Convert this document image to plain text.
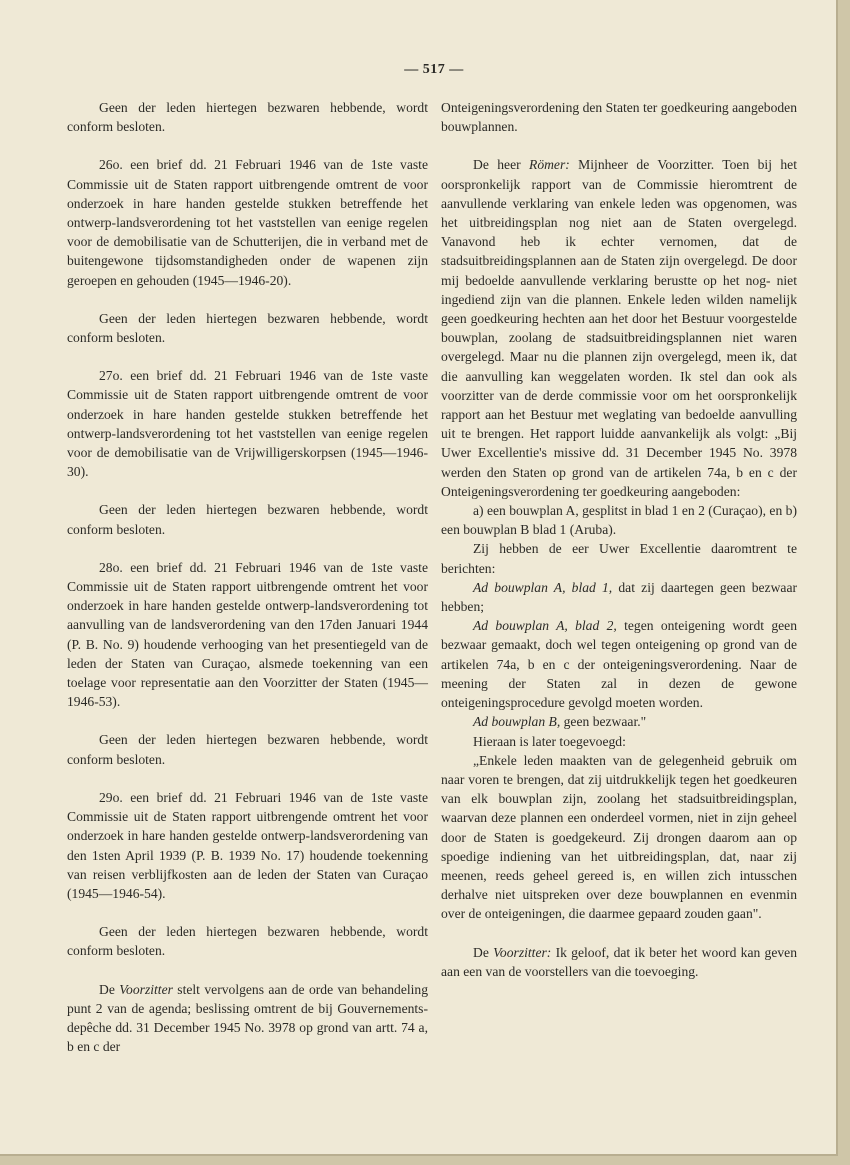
— 517 —

Geen der leden hiertegen bezwaren hebbende, wordt conform besloten.

26o. een brief dd. 21 Februari 1946 van de 1ste vaste Commissie uit de Staten rapport uitbrengende omtrent de voor onderzoek in hare handen gestelde stukken betreffende het ontwerp-landsverordening tot het vaststellen van eenige regelen voor de demobilisatie van de Schutterijen, die in verband met de buitengewone tijdsomstandigheden onder de wapenen zijn geroepen en gehouden (1945—1946-20).

Geen der leden hiertegen bezwaren hebbende, wordt conform besloten.

27o. een brief dd. 21 Februari 1946 van de 1ste vaste Commissie uit de Staten rapport uitbrengende omtrent de voor onderzoek in hare handen gestelde stukken betreffende het ontwerp-landsverordening tot het vaststellen van eenige regelen voor de demobilisatie van de Vrijwilligerskorpsen (1945—1946-30).

Geen der leden hiertegen bezwaren hebbende, wordt conform besloten.

28o. een brief dd. 21 Februari 1946 van de 1ste vaste Commissie uit de Staten rapport uitbrengende omtrent het voor onderzoek in hare handen gestelde ontwerp-landsverordening tot aanvulling van de landsverordening van den 17den Januari 1944 (P. B. No. 9) houdende verhooging van het presentiegeld van de leden der Staten van Curaçao, alsmede toekenning van een toelage voor representatie aan den Voorzitter der Staten (1945—1946-53).

Geen der leden hiertegen bezwaren hebbende, wordt conform besloten.

29o. een brief dd. 21 Februari 1946 van de 1ste vaste Commissie uit de Staten rapport uitbrengende omtrent het voor onderzoek in hare handen gestelde ontwerp-landsverordening van den 1sten April 1939 (P. B. 1939 No. 17) houdende toekenning van reisen verblijfkosten aan de leden der Staten van Curaçao (1945—1946-54).

Geen der leden hiertegen bezwaren hebbende, wordt conform besloten.

De Voorzitter stelt vervolgens aan de orde van behandeling punt 2 van de agenda; beslissing omtrent de bij Gouvernements-depêche dd. 31 December 1945 No. 3978 op grond van artt. 74 a, b en c der

Onteigeningsverordening den Staten ter goedkeuring aangeboden bouwplannen.

De heer Römer: Mijnheer de Voorzitter. Toen bij het oorspronkelijk rapport van de Commissie hieromtrent de aanvullende verklaring van enkele leden was opgenomen, was het uitbreidingsplan nog niet aan de Staten overgelegd. Vanavond heb ik echter vernomen, dat de stadsuitbreidingsplannen aan de Staten zijn overgelegd. De door mij bedoelde aanvullende verklaring berustte op het nog- niet ingediend zijn van die plannen. Enkele leden wilden namelijk geen goedkeuring hechten aan het door het Bestuur voorgestelde bouwplan, zoolang de stadsuitbreidingsplannen niet waren overgelegd. Maar nu die plannen zijn overgelegd, meen ik, dat die aanvulling kan weggelaten worden. Ik stel dan ook als voorzitter van de derde commissie voor om het oorspronkelijk rapport aan het Bestuur met weglating van bedoelde aanvulling uit te brengen. Het rapport luidde aanvankelijk als volgt: „Bij Uwer Excellentie's missive dd. 31 December 1945 No. 3978 werden den Staten op grond van de artikelen 74a, b en c der Onteigeningsverordening ter goedkeuring aangeboden:

a) een bouwplan A, gesplitst in blad 1 en 2 (Curaçao), en b) een bouwplan B blad 1 (Aruba).

Zij hebben de eer Uwer Excellentie daaromtrent te berichten:

Ad bouwplan A, blad 1, dat zij daartegen geen bezwaar hebben;

Ad bouwplan A, blad 2, tegen onteigening wordt geen bezwaar gemaakt, doch wel tegen onteigening op grond van de artikelen 74a, b en c der onteigeningsverordening. Naar de meening der Staten zal in dezen de gewone onteigeningsprocedure gevolgd moeten worden.

Ad bouwplan B, geen bezwaar."

Hieraan is later toegevoegd:

„Enkele leden maakten van de gelegenheid gebruik om naar voren te brengen, dat zij uitdrukkelijk tegen het goedkeuren van elk bouwplan zijn, zoolang het stadsuitbreidingsplan, waarvan deze plannen een onderdeel vormen, niet in zijn geheel door de Staten is goedgekeurd. Zij drongen daarom aan op spoedige indiening van het uitbreidingsplan, dat, naar zij meenen, reeds geheel gereed is, en willen zich intusschen derhalve niet uitspreken over deze bouwplannen en evenmin over de onteigeningen, die daarmee gepaard zouden gaan".

De Voorzitter: Ik geloof, dat ik beter het woord kan geven aan een van de voorstellers van die toevoeging.
